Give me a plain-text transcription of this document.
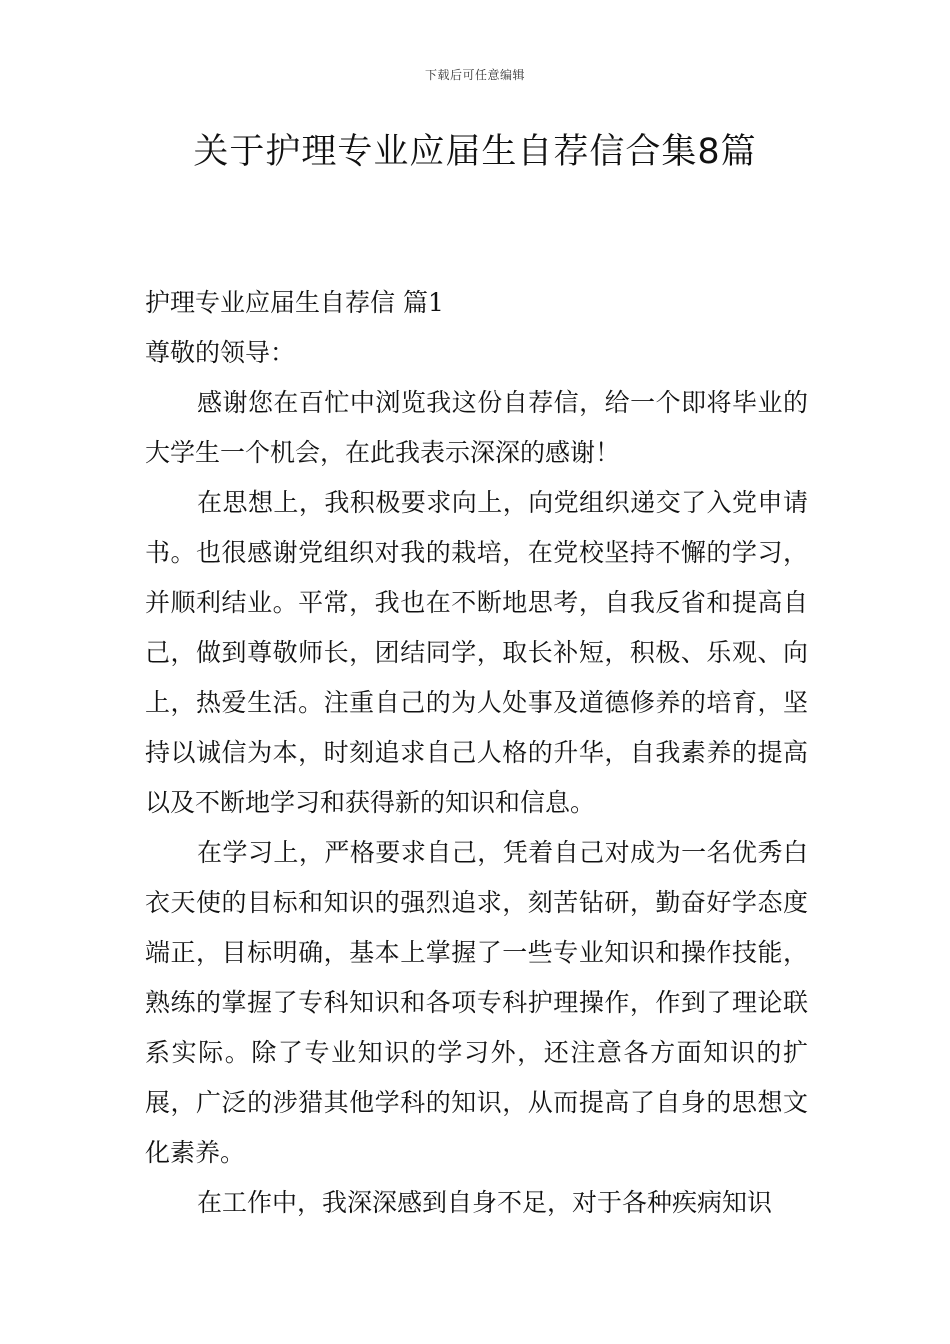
下载后可任意编辑
关于护理专业应届生自荐信合集8篇

护理专业应届生自荐信 篇1

尊敬的领导：

感谢您在百忙中浏览我这份自荐信，给一个即将毕业的大学生一个机会，在此我表示深深的感谢！

在思想上，我积极要求向上，向党组织递交了入党申请书。也很感谢党组织对我的栽培，在党校坚持不懈的学习，并顺利结业。平常，我也在不断地思考，自我反省和提高自己，做到尊敬师长，团结同学，取长补短，积极、乐观、向上，热爱生活。注重自己的为人处事及道德修养的培育，坚持以诚信为本，时刻追求自己人格的升华，自我素养的提高以及不断地学习和获得新的知识和信息。

在学习上，严格要求自己，凭着自己对成为一名优秀白衣天使的目标和知识的强烈追求，刻苦钻研，勤奋好学态度端正，目标明确，基本上掌握了一些专业知识和操作技能，熟练的掌握了专科知识和各项专科护理操作，作到了理论联系实际。除了专业知识的学习外，还注意各方面知识的扩展，广泛的涉猎其他学科的知识，从而提高了自身的思想文化素养。

在工作中，我深深感到自身不足，对于各种疾病知识
